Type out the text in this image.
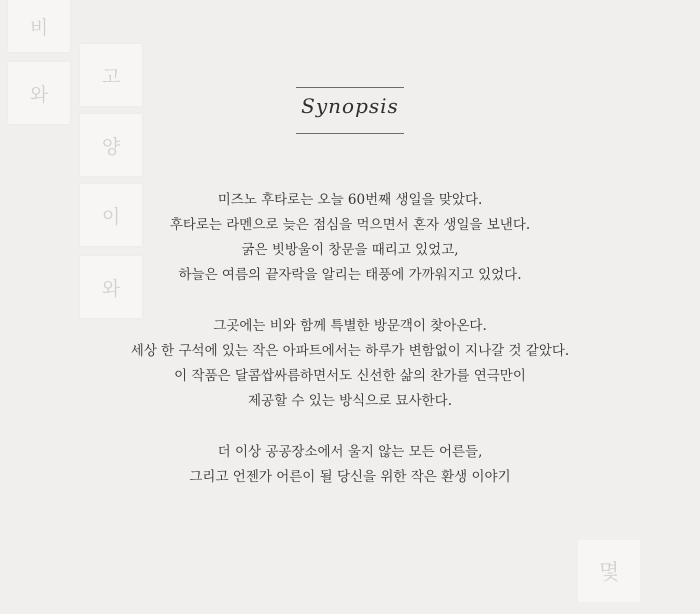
비
와
고
양
이
와
Synopsis
미즈노 후타로는 오늘 60번째 생일을 맞았다.
후타로는 라멘으로 늦은 점심을 먹으면서 혼자 생일을 보낸다.
굵은 빗방울이 창문을 때리고 있었고,
하늘은 여름의 끝자락을 알리는 태풍에 가까워지고 있었다.
그곳에는 비와 함께 특별한 방문객이 찾아온다.
세상 한 구석에 있는 작은 아파트에서는 하루가 변함없이 지나갈 것 같았다.
이 작품은 달콤쌉싸름하면서도 신선한 삶의 찬가를 연극만이
제공할 수 있는 방식으로 묘사한다.
더 이상 공공장소에서 울지 않는 모든 어른들,
그리고 언젠가 어른이 될 당신을 위한 작은 환생 이야기
몇
